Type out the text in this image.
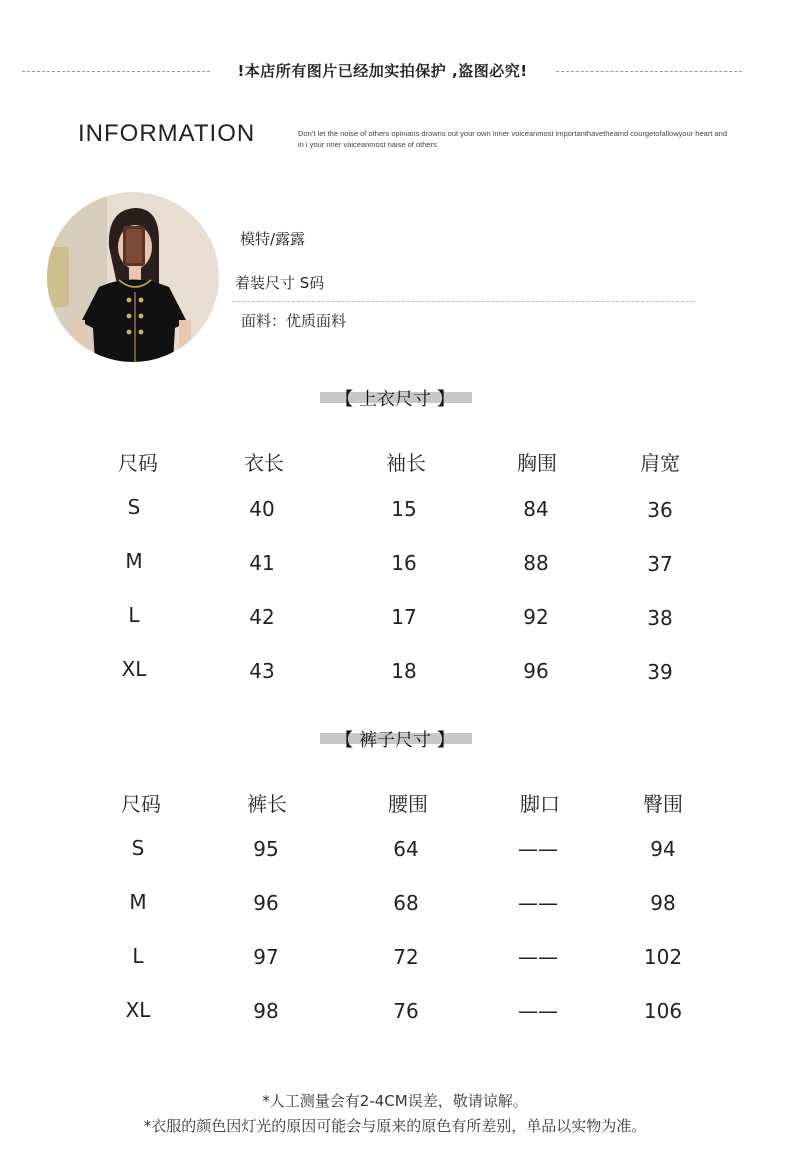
!本店所有图片已经加实拍保护 ,盗图必究!
INFORMATION	Don’t let the noise of others opinians drowns out your own inner voiceanmost importanthavetheamd courgetofallowyour heart and in i your nner vaiceanmost naise of others
模特/露露
着装尺寸 S码
面料：优质面料
【 上衣尺寸 】
尺码	衣长	袖长	胸围	肩宽
S	40	15	84	36
M	41	16	88	37
L	42	17	92	38
XL	43	18	96	39
【 裤子尺寸 】
尺码	裤长	腰围	脚口	臀围
S	95	64	——	94
M	96	68	——	98
L	97	72	——	102
XL	98	76	——	106
*人工测量会有2-4CM误差，敬请谅解。
*衣服的颜色因灯光的原因可能会与原来的原色有所差别，单品以实物为准。
